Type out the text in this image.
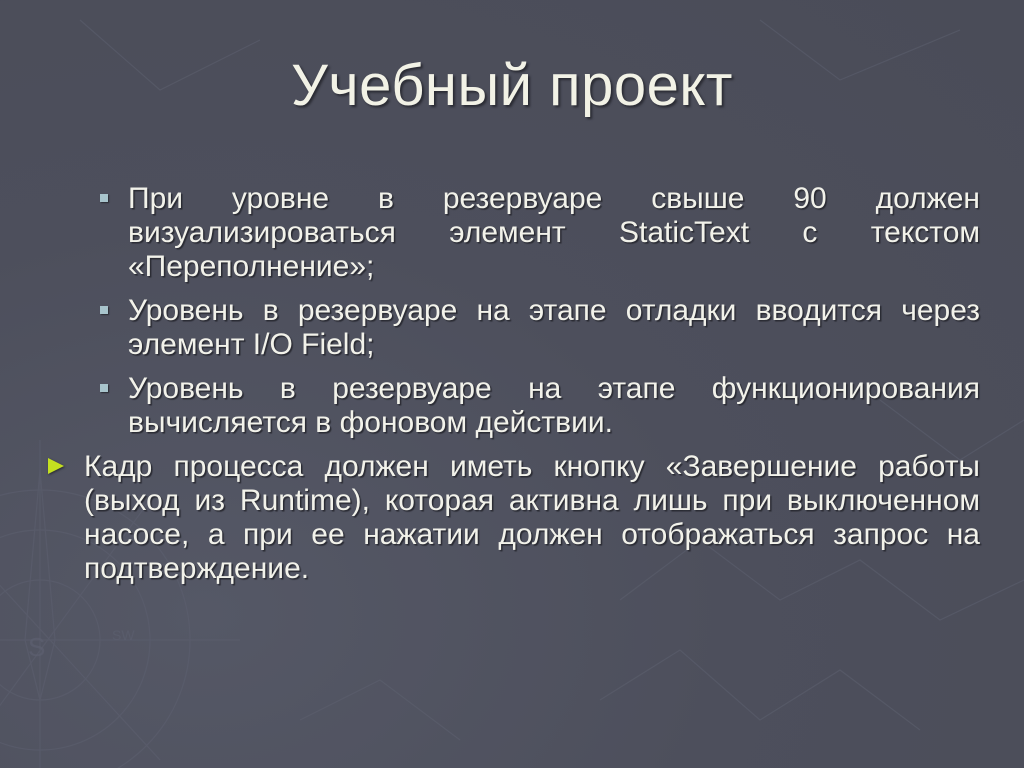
S	SW
Учебный проект
При уровне в резервуаре свыше 90 должен визуализироваться элемент StaticText с текстом «Переполнение»;
Уровень в резервуаре на этапе отладки вводится через элемент I/O Field;
Уровень в резервуаре на этапе функционирования вычисляется в фоновом действии.
Кадр процесса должен иметь кнопку «Завершение работы (выход из Runtime), которая активна лишь при выключенном насосе, а при ее нажатии должен отображаться запрос на подтверждение.
